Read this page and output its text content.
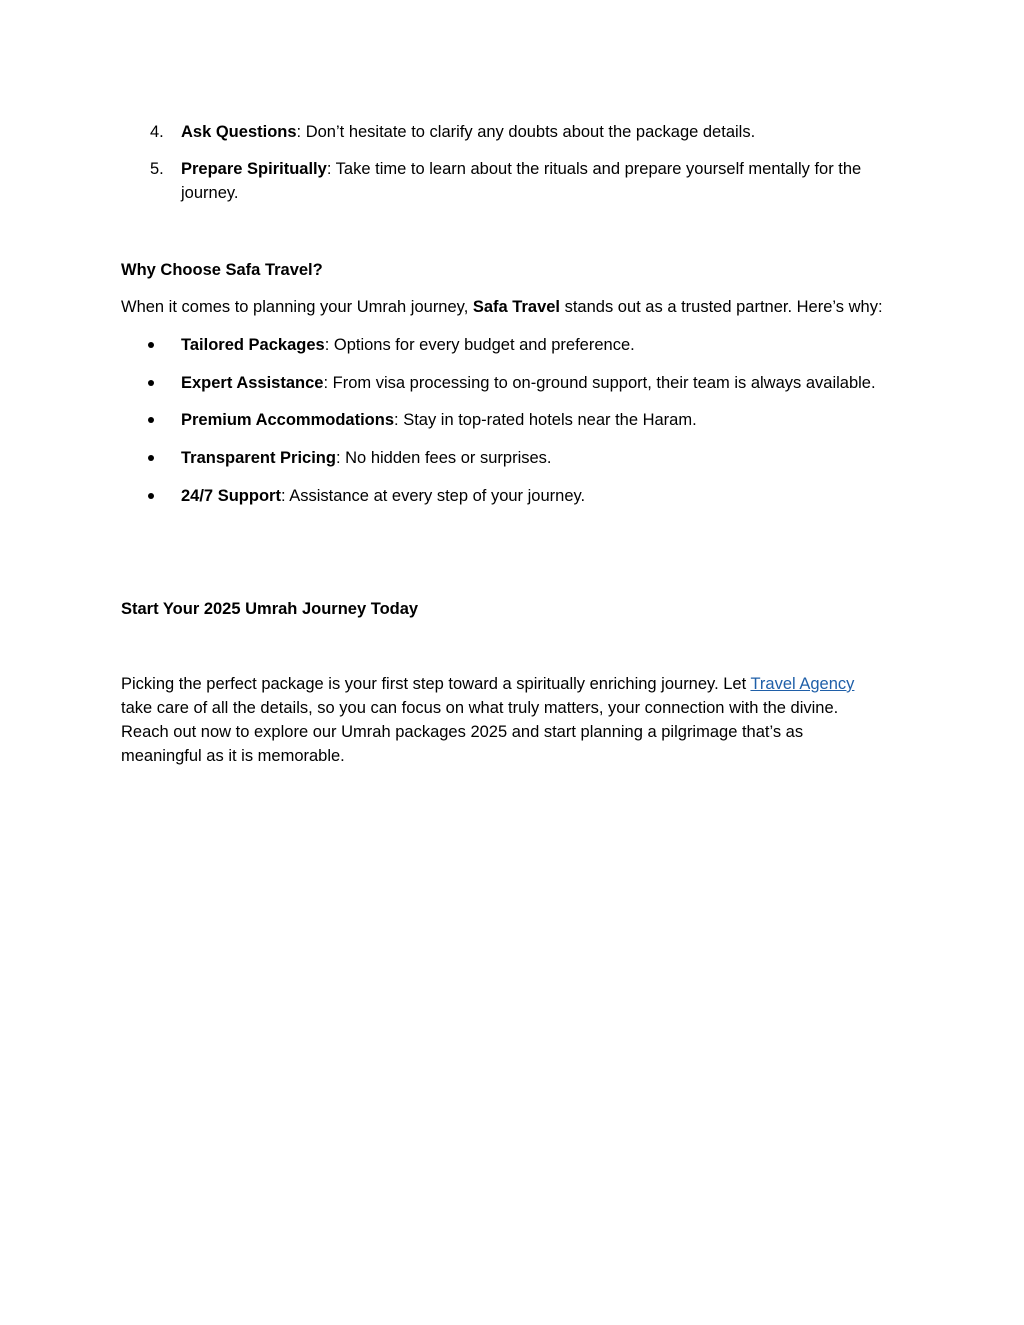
4.	Ask Questions: Don’t hesitate to clarify any doubts about the package details.
5.	Prepare Spiritually: Take time to learn about the rituals and prepare yourself mentally for the
journey.
Why Choose Safa Travel?
When it comes to planning your Umrah journey, Safa Travel stands out as a trusted partner. Here’s why:
Tailored Packages: Options for every budget and preference.
Expert Assistance: From visa processing to on-ground support, their team is always available.
Premium Accommodations: Stay in top-rated hotels near the Haram.
Transparent Pricing: No hidden fees or surprises.
24/7 Support: Assistance at every step of your journey.
Start Your 2025 Umrah Journey Today
Picking the perfect package is your first step toward a spiritually enriching journey. Let Travel Agency
take care of all the details, so you can focus on what truly matters, your connection with the divine.
Reach out now to explore our Umrah packages 2025 and start planning a pilgrimage that’s as
meaningful as it is memorable.
